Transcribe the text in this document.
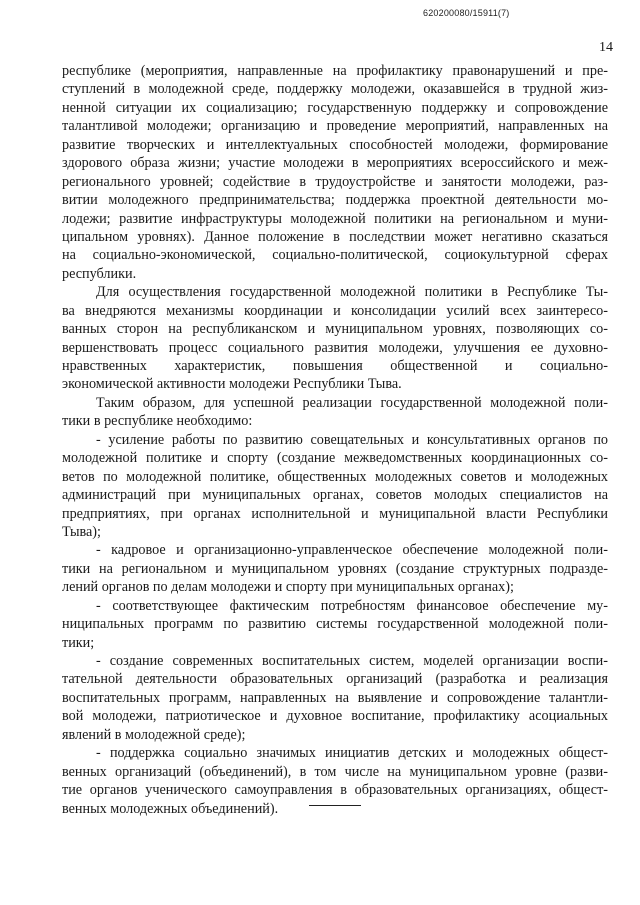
620200080/15911(7)
14
республике (мероприятия, направленные на профилактику правонарушений и пре-
ступлений в молодежной среде, поддержку молодежи, оказавшейся в трудной жиз-
ненной ситуации их социализацию; государственную поддержку и сопровождение
талантливой молодежи; организацию и проведение мероприятий, направленных на
развитие творческих и интеллектуальных способностей молодежи, формирование
здорового образа жизни; участие молодежи в мероприятиях всероссийского и меж-
регионального уровней; содействие в трудоустройстве и занятости молодежи, раз-
витии молодежного предпринимательства; поддержка проектной деятельности мо-
лодежи; развитие инфраструктуры молодежной политики на региональном и муни-
ципальном уровнях). Данное положение в последствии может негативно сказаться
на социально-экономической, социально-политической, социокультурной сферах
республики.
Для осуществления государственной молодежной политики в Республике Ты-
ва внедряются механизмы координации и консолидации усилий всех заинтересо-
ванных сторон на республиканском и муниципальном уровнях, позволяющих со-
вершенствовать процесс социального развития молодежи, улучшения ее духовно-
нравственных характеристик, повышения общественной и социально-
экономической активности молодежи Республики Тыва.
Таким образом, для успешной реализации государственной молодежной поли-
тики в республике необходимо:
- усиление работы по развитию совещательных и консультативных органов по
молодежной политике и спорту (создание межведомственных координационных со-
ветов по молодежной политике, общественных молодежных советов и молодежных
администраций при муниципальных органах, советов молодых специалистов на
предприятиях, при органах исполнительной и муниципальной власти Республики
Тыва);
- кадровое и организационно-управленческое обеспечение молодежной поли-
тики на региональном и муниципальном уровнях (создание структурных подразде-
лений органов по делам молодежи и спорту при муниципальных органах);
- соответствующее фактическим потребностям финансовое обеспечение му-
ниципальных программ по развитию системы государственной молодежной поли-
тики;
- создание современных воспитательных систем, моделей организации воспи-
тательной деятельности образовательных организаций (разработка и реализация
воспитательных программ, направленных на выявление и сопровождение талантли-
вой молодежи, патриотическое и духовное воспитание, профилактику асоциальных
явлений в молодежной среде);
- поддержка социально значимых инициатив детских и молодежных общест-
венных организаций (объединений), в том числе на муниципальном уровне (разви-
тие органов ученического самоуправления в образовательных организациях, общест-
венных молодежных объединений).
